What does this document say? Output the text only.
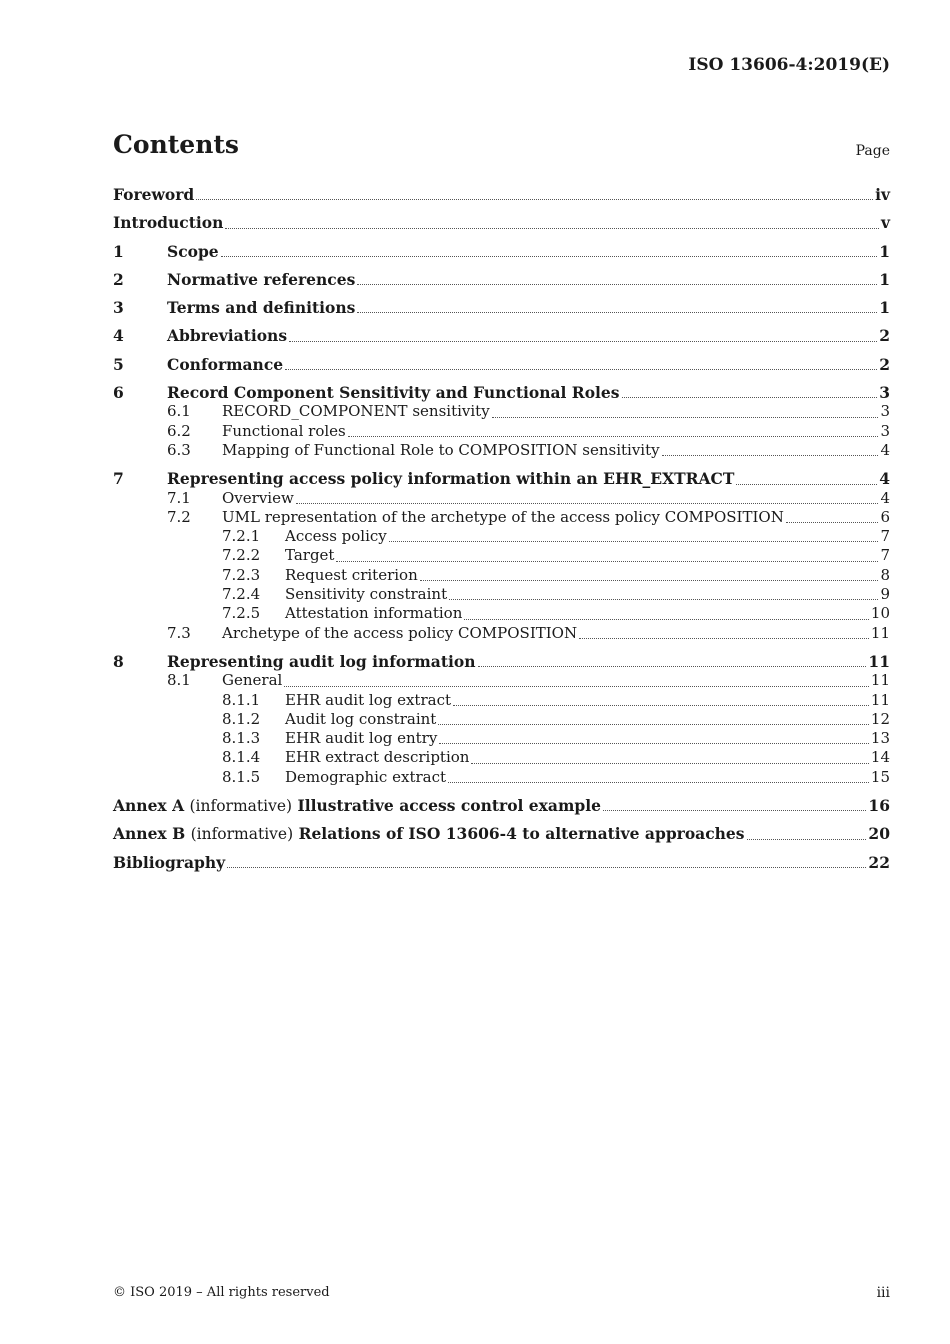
ISO 13606-4:2019(E)
Contents	Page
Foreword	iv
Introduction	v
1	Scope	1
2	Normative references	1
3	Terms and definitions	1
4	Abbreviations	2
5	Conformance	2
6	Record Component Sensitivity and Functional Roles	3
6.1	RECORD_COMPONENT sensitivity	3
6.2	Functional roles	3
6.3	Mapping of Functional Role to COMPOSITION sensitivity	4
7	Representing access policy information within an EHR_EXTRACT	4
7.1	Overview	4
7.2	UML representation of the archetype of the access policy COMPOSITION	6
7.2.1	Access policy	7
7.2.2	Target	7
7.2.3	Request criterion	8
7.2.4	Sensitivity constraint	9
7.2.5	Attestation information	10
7.3	Archetype of the access policy COMPOSITION	11
8	Representing audit log information	11
8.1	General	11
8.1.1	EHR audit log extract	11
8.1.2	Audit log constraint	12
8.1.3	EHR audit log entry	13
8.1.4	EHR extract description	14
8.1.5	Demographic extract	15
Annex A (informative) Illustrative access control example	16
Annex B (informative) Relations of ISO 13606-4 to alternative approaches	20
Bibliography	22
© ISO 2019 – All rights reserved	iii
